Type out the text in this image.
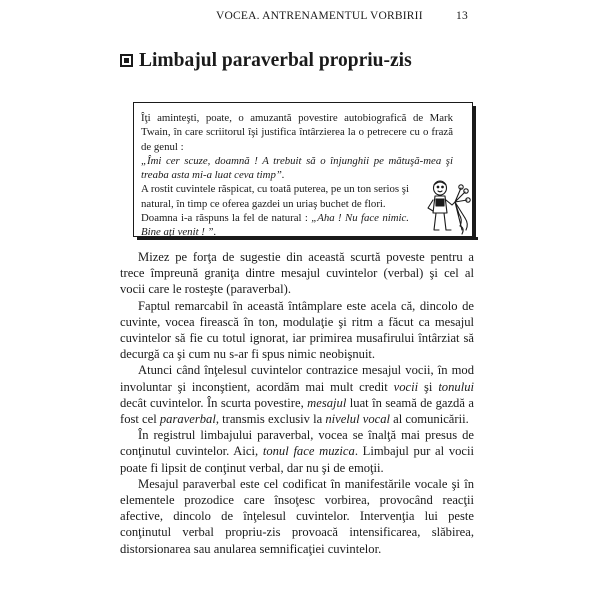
VOCEA. ANTRENAMENTUL VORBIRII	13
Limbajul paraverbal propriu-zis

Îţi aminteşti, poate, o amuzantă povestire autobiografică de Mark Twain, în care scriitorul îşi justifica întârzierea la o petrecere cu o frază de genul :

„Îmi cer scuze, doamnă ! A trebuit să o înjunghii pe mătuşă-mea şi treaba asta mi-a luat ceva timp”.

A rostit cuvintele răspicat, cu toată puterea, pe un ton serios şi natural, în timp ce oferea gazdei un uriaş buchet de flori.

Doamna i-a răspuns la fel de natural : „Aha ! Nu face nimic. Bine aţi venit ! ”.

Mizez pe forţa de sugestie din această scurtă poveste pentru a trece împreună graniţa dintre mesajul cuvintelor (verbal) şi cel al vocii care le rosteşte (paraverbal).

Faptul remarcabil în această întâmplare este acela că, dincolo de cuvinte, vocea firească în ton, modulaţie şi ritm a făcut ca mesajul cuvintelor să fie cu totul ignorat, iar primirea musafirului întârziat să decurgă ca şi cum nu s-ar fi spus nimic neobişnuit.

Atunci când înţelesul cuvintelor contrazice mesajul vocii, în mod involuntar şi inconştient, acordăm mai mult credit vocii şi tonului decât cuvintelor. În scurta povestire, mesajul luat în seamă de gazdă a fost cel paraverbal, transmis exclusiv la nivelul vocal al comunicării.

În registrul limbajului paraverbal, vocea se înalţă mai presus de conţinutul cuvintelor. Aici, tonul face muzica. Limbajul pur al vocii poate fi lipsit de conţinut verbal, dar nu şi de emoţii.

Mesajul paraverbal este cel codificat în manifestările vocale şi în elementele prozodice care însoţesc vorbirea, provocând reacţii afective, dincolo de înţelesul cuvintelor. Intervenţia lui peste conţinutul verbal propriu-zis provoacă intensificarea, slăbirea, distorsionarea sau anularea semnificaţiei cuvintelor.
